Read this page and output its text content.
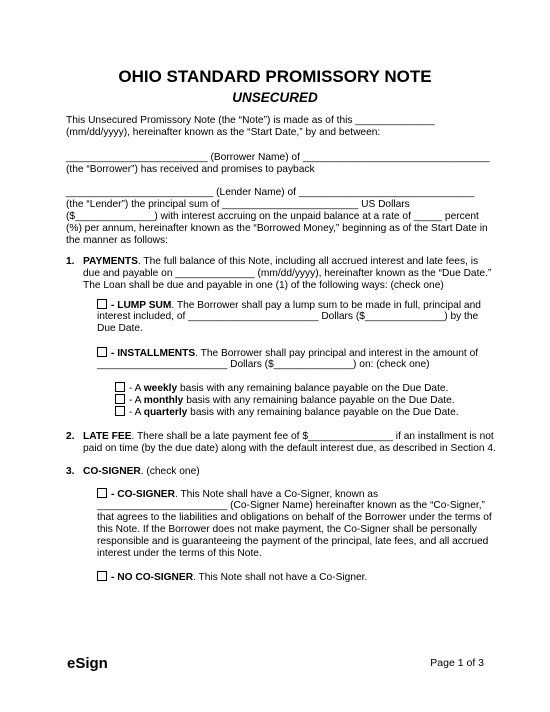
OHIO STANDARD PROMISSORY NOTE
UNSECURED
This Unsecured Promissory Note (the “Note”) is made as of this ______________
(mm/dd/yyyy), hereinafter known as the “Start Date,” by and between:
_________________________ (Borrower Name) of _________________________________
(the “Borrower”) has received and promises to payback
__________________________ (Lender Name) of _______________________________
(the “Lender”) the principal sum of ________________________ US Dollars
($______________) with interest accruing on the unpaid balance at a rate of _____ percent
(%) per annum, hereinafter known as the “Borrowed Money,” beginning as of the Start Date in
the manner as follows:
1. PAYMENTS. The full balance of this Note, including all accrued interest and late fees, is
due and payable on ______________ (mm/dd/yyyy), hereinafter known as the “Due Date.”
The Loan shall be due and payable in one (1) of the following ways: (check one)
- LUMP SUM. The Borrower shall pay a lump sum to be made in full, principal and
interest included, of _______________________ Dollars ($______________) by the
Due Date.
- INSTALLMENTS. The Borrower shall pay principal and interest in the amount of
_______________________ Dollars ($______________) on: (check one)
- A weekly basis with any remaining balance payable on the Due Date.
- A monthly basis with any remaining balance payable on the Due Date.
- A quarterly basis with any remaining balance payable on the Due Date.
2. LATE FEE. There shall be a late payment fee of $_______________ if an installment is not
paid on time (by the due date) along with the default interest due, as described in Section 4.
3. CO-SIGNER. (check one)
- CO-SIGNER. This Note shall have a Co-Signer, known as
_______________________ (Co-Signer Name) hereinafter known as the “Co-Signer,”
that agrees to the liabilities and obligations on behalf of the Borrower under the terms of
this Note. If the Borrower does not make payment, the Co-Signer shall be personally
responsible and is guaranteeing the payment of the principal, late fees, and all accrued
interest under the terms of this Note.
- NO CO-SIGNER. This Note shall not have a Co-Signer.
eSign	Page 1 of 3
